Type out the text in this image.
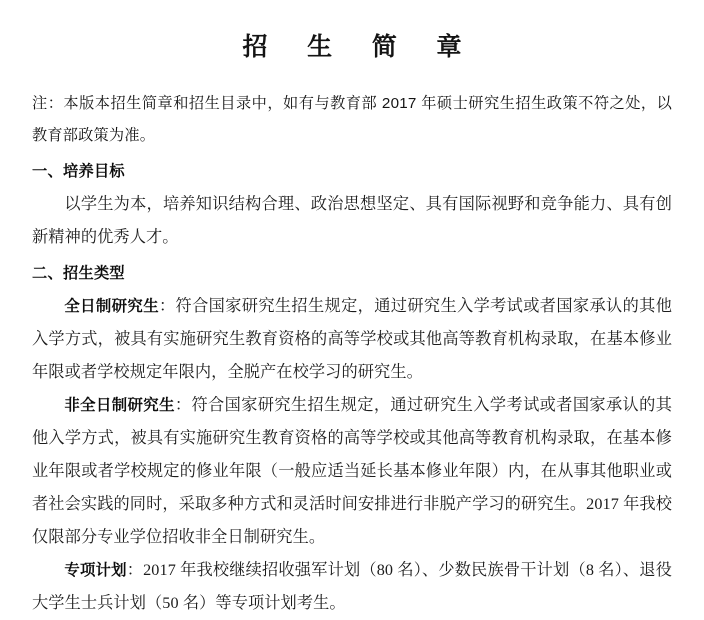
招 生 简 章

注：本版本招生简章和招生目录中，如有与教育部 2017 年硕士研究生招生政策不符之处，以教育部政策为准。

一、培养目标

以学生为本，培养知识结构合理、政治思想坚定、具有国际视野和竞争能力、具有创新精神的优秀人才。

二、招生类型

全日制研究生：符合国家研究生招生规定，通过研究生入学考试或者国家承认的其他入学方式，被具有实施研究生教育资格的高等学校或其他高等教育机构录取，在基本修业年限或者学校规定年限内，全脱产在校学习的研究生。

非全日制研究生：符合国家研究生招生规定，通过研究生入学考试或者国家承认的其他入学方式，被具有实施研究生教育资格的高等学校或其他高等教育机构录取，在基本修业年限或者学校规定的修业年限（一般应适当延长基本修业年限）内，在从事其他职业或者社会实践的同时，采取多种方式和灵活时间安排进行非脱产学习的研究生。2017 年我校仅限部分专业学位招收非全日制研究生。

专项计划：2017 年我校继续招收强军计划（80 名）、少数民族骨干计划（8 名）、退役大学生士兵计划（50 名）等专项计划考生。
